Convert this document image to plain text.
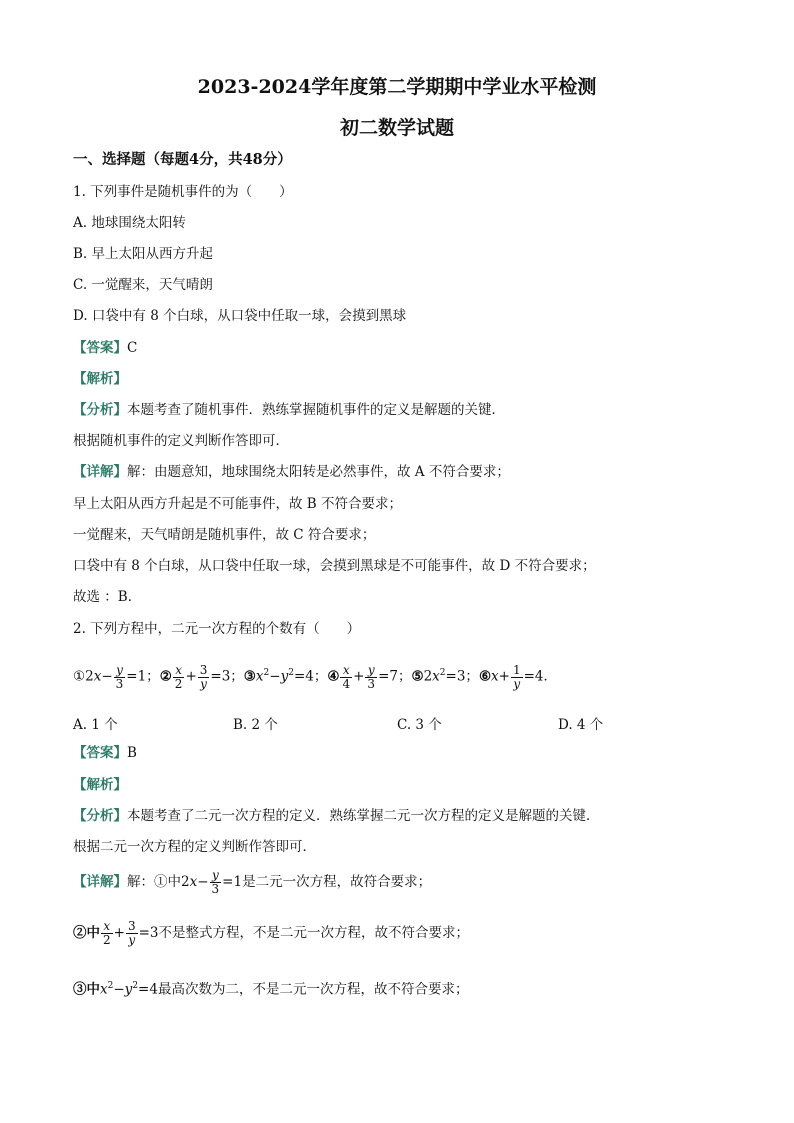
2023-2024学年度第二学期期中学业水平检测
初二数学试题
一、选择题（每题4分，共48分）
1. 下列事件是随机事件的为（　　）
A. 地球围绕太阳转
B. 早上太阳从西方升起
C. 一觉醒来，天气晴朗
D. 口袋中有 8 个白球，从口袋中任取一球，会摸到黑球
【答案】C
【解析】
【分析】本题考查了随机事件．熟练掌握随机事件的定义是解题的关键．
根据随机事件的定义判断作答即可．
【详解】解：由题意知，地球围绕太阳转是必然事件，故 A 不符合要求；
早上太阳从西方升起是不可能事件，故 B 不符合要求；
一觉醒来，天气晴朗是随机事件，故 C 符合要求；
口袋中有 8 个白球，从口袋中任取一球，会摸到黑球是不可能事件，故 D 不符合要求；
故选 ：B．
2. 下列方程中，二元一次方程的个数有（　　）
①2x− $\frac{y}{3} =1$；② $\frac{x}{2} + \frac{3}{y} =3$；$③x^2-y^2=4$；④ $\frac{x}{4} + \frac{y}{3} =7$；$⑤2x^2=3$；⑥x+ $\frac{1}{y} =4$．
A. 1 个	B. 2 个	C. 3 个	D. 4 个
【答案】B
【解析】
【分析】本题考查了二元一次方程的定义．熟练掌握二元一次方程的定义是解题的关键．
根据二元一次方程的定义判断作答即可．
【详解】解：①中$2x- \frac{y}{3} =1$是二元一次方程，故符合要求；
②中 $\frac{x}{2} + \frac{3}{y} =3$不是整式方程，不是二元一次方程，故不符合要求；
③中$x^2-y^2=4$最高次数为二，不是二元一次方程，故不符合要求；
